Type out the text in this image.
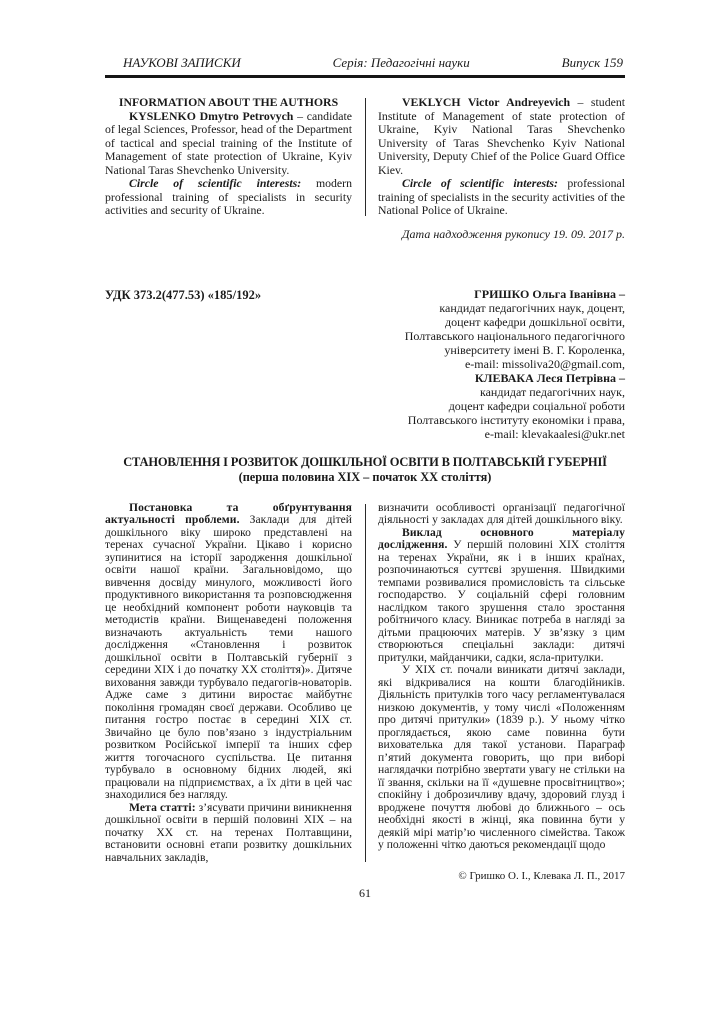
НАУКОВІ ЗАПИСКИ	Серія: Педагогічні науки	Випуск 159
INFORMATION ABOUT THE AUTHORS

KYSLENKO Dmytro Petrovych – candidate of legal Sciences, Professor, head of the Department of tactical and special training of the Institute of Management of state protection of Ukraine, Kyiv National Taras Shevchenko University.

Circle of scientific interests: modern professional training of specialists in security activities and security of Ukraine.

VEKLYCH Victor Andreyevich – student Institute of Management of state protection of Ukraine, Kyiv National Taras Shevchenko University of Taras Shevchenko Kyiv National University, Deputy Chief of the Police Guard Office Kiev.

Circle of scientific interests: professional training of specialists in the security activities of the National Police of Ukraine.

Дата надходження рукопису 19. 09. 2017 р.
УДК 373.2(477.53) «185/192»	ГРИШКО Ольга Іванівна –
кандидат педагогічних наук, доцент,
доцент кафедри дошкільної освіти,
Полтавського національного педагогічного
університету імені В. Г. Короленка,
e-mail: missoliva20@gmail.com,
КЛЕВАКА Леся Петрівна –
кандидат педагогічних наук,
доцент кафедри соціальної роботи
Полтавського інституту економіки і права,
e-mail: klevakaalesi@ukr.net
СТАНОВЛЕННЯ І РОЗВИТОК ДОШКІЛЬНОЇ ОСВІТИ В ПОЛТАВСЬКІЙ ГУБЕРНІЇ
(перша половина XIX – початок XX століття)

Постановка та обґрунтування актуальності проблеми. Заклади для дітей дошкільного віку широко представлені на теренах сучасної України. Цікаво і корисно зупинитися на історії зародження дошкільної освіти нашої країни. Загальновідомо, що вивчення досвіду минулого, можливості його продуктивного використання та розповсюдження це необхідний компонент роботи науковців та методистів країни. Вищенаведені положення визначають актуальність теми нашого дослідження «Становлення і розвиток дошкільної освіти в Полтавській губернії з середини XIX і до початку XX століття)». Дитяче виховання завжди турбувало педагогів-новаторів. Адже саме з дитини виростає майбутнє покоління громадян своєї держави. Особливо це питання гостро постає в середині XIX ст. Звичайно це було пов’язано з індустріальним розвитком Російської імперії та інших сфер життя тогочасного суспільства. Це питання турбувало в основному бідних людей, які працювали на підприємствах, а їх діти в цей час знаходилися без нагляду.

Мета статті: з’ясувати причини виникнення дошкільної освіти в першій половині XIX – на початку XX ст. на теренах Полтавщини, встановити основні етапи розвитку дошкільних навчальних закладів,

визначити особливості організації педагогічної діяльності у закладах для дітей дошкільного віку.

Виклад основного матеріалу дослідження. У першій половині XIX століття на теренах України, як і в інших країнах, розпочинаються суттєві зрушення. Швидкими темпами розвивалися промисловість та сільське господарство. У соціальній сфері головним наслідком такого зрушення стало зростання робітничого класу. Виникає потреба в нагляді за дітьми працюючих матерів. У зв’язку з цим створюються спеціальні заклади: дитячі притулки, майданчики, садки, ясла-притулки.

У XIX ст. почали виникати дитячі заклади, які відкривалися на кошти благодійників. Діяльність притулків того часу регламентувалася низкою документів, у тому числі «Положенням про дитячі притулки» (1839 р.). У ньому чітко проглядається, якою саме повинна бути вихователька для такої установи. Параграф п’ятий документа говорить, що при виборі наглядачки потрібно звертати увагу не стільки на її звання, скільки на її «душевне просвітництво»; спокійну і доброзичливу вдачу, здоровий глузд і вроджене почуття любові до ближнього – ось необхідні якості в жінці, яка повинна бути у деякій мірі матір’ю численного сімейства. Також у положенні чітко даються рекомендації щодо

© Гришко О. І., Клевака Л. П., 2017
61
